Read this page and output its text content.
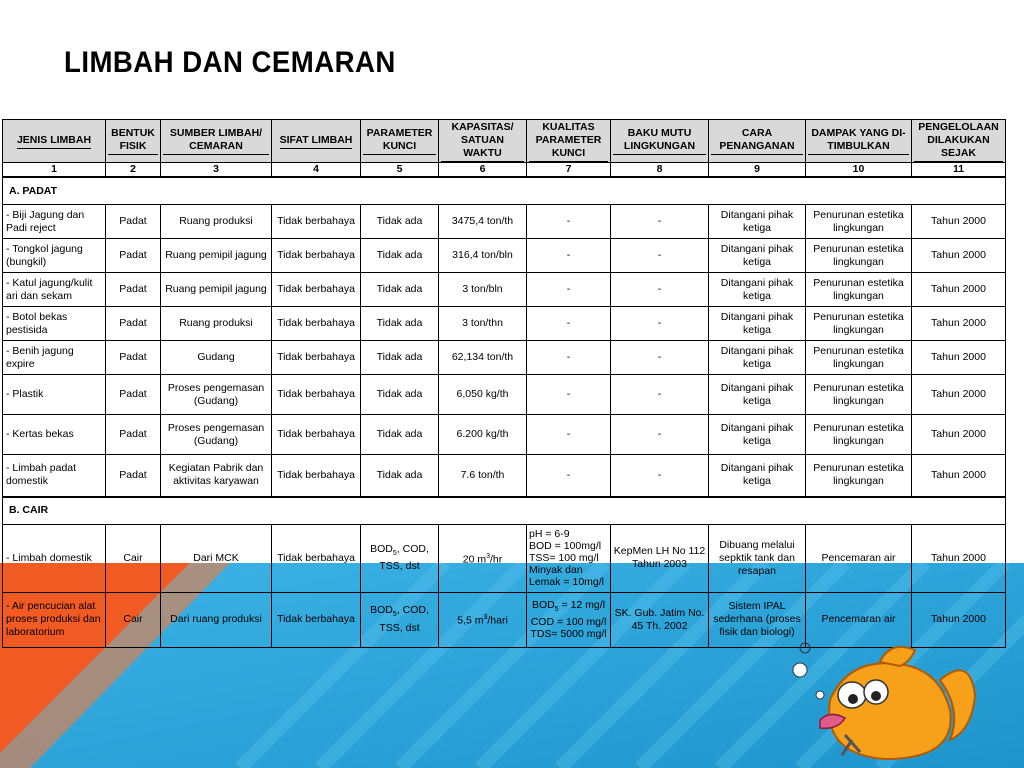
LIMBAH DAN CEMARAN
JENIS LIMBAH	BENTUK FISIK	SUMBER LIMBAH/ CEMARAN	SIFAT LIMBAH	PARAMETER KUNCI	KAPASITAS/ SATUAN WAKTU	KUALITAS PARAMETER KUNCI	BAKU MUTU LINGKUNGAN	CARA PENANGANAN	DAMPAK YANG DI-TIMBULKAN	PENGELOLAAN DILAKUKAN SEJAK
1	2	3	4	5	6	7	8	9	10	11
A. PADAT										
- Biji Jagung dan Padi reject	Padat	Ruang produksi	Tidak berbahaya	Tidak ada	3475,4 ton/th	-	-	Ditangani pihak ketiga	Penurunan estetika lingkungan	Tahun 2000
- Tongkol jagung (bungkil)	Padat	Ruang pemipil jagung	Tidak berbahaya	Tidak ada	316,4 ton/bln	-	-	Ditangani pihak ketiga	Penurunan estetika lingkungan	Tahun 2000
- Katul jagung/kulit ari dan sekam	Padat	Ruang pemipil jagung	Tidak berbahaya	Tidak ada	3 ton/bln	-	-	Ditangani pihak ketiga	Penurunan estetika lingkungan	Tahun 2000
- Botol bekas pestisida	Padat	Ruang produksi	Tidak berbahaya	Tidak ada	3 ton/thn	-	-	Ditangani pihak ketiga	Penurunan estetika lingkungan	Tahun 2000
- Benih jagung expire	Padat	Gudang	Tidak berbahaya	Tidak ada	62,134 ton/th	-	-	Ditangani pihak ketiga	Penurunan estetika lingkungan	Tahun 2000
- Plastik	Padat	Proses pengemasan (Gudang)	Tidak berbahaya	Tidak ada	6,050 kg/th	-	-	Ditangani pihak ketiga	Penurunan estetika lingkungan	Tahun 2000
- Kertas bekas	Padat	Proses pengemasan (Gudang)	Tidak berbahaya	Tidak ada	6.200 kg/th	-	-	Ditangani pihak ketiga	Penurunan estetika lingkungan	Tahun 2000
- Limbah padat domestik	Padat	Kegiatan Pabrik dan aktivitas karyawan	Tidak berbahaya	Tidak ada	7.6 ton/th	-	-	Ditangani pihak ketiga	Penurunan estetika lingkungan	Tahun 2000
B. CAIR										
- Limbah domestik	Cair	Dari MCK	Tidak berbahaya	$BOD_5$, COD, TSS, dst	20 $m^3/hr$	pH = 6-9
BOD = 100mg/l
TSS= 100 mg/l
Minyak dan
Lemak = 10mg/l	KepMen LH No 112 Tahun 2003	Dibuang melalui sepktik tank dan resapan	Pencemaran air	Tahun 2000
- Air pencucian alat proses produksi dan laboratorium	Cair	Dari ruang produksi	Tidak berbahaya	$BOD_5$, COD, TSS, dst	5,5 $m^3$/hari	$BOD_5 = 12$ mg/l
COD = 100 mg/l
TDS= 5000 mg/l	SK. Gub. Jatim No. 45 Th. 2002	Sistem IPAL sederhana (proses fisik dan biologi)	Pencemaran air	Tahun 2000
